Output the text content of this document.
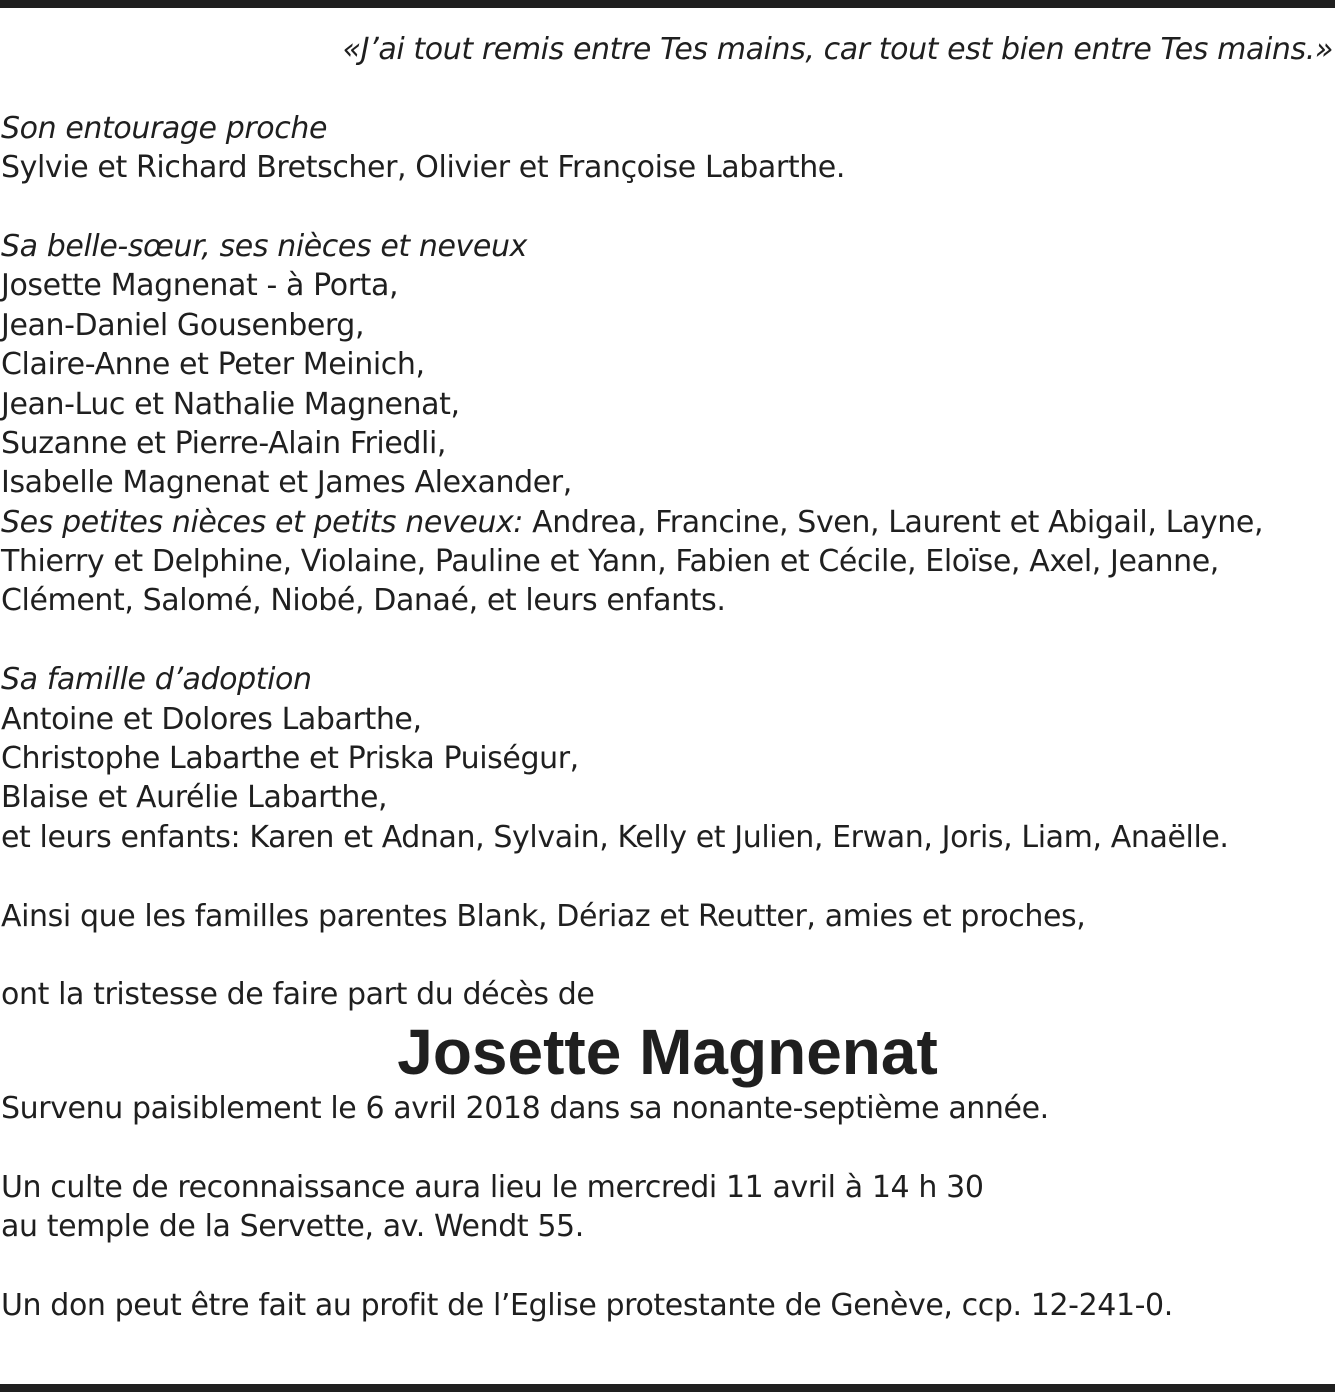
«J’ai tout remis entre Tes mains, car tout est bien entre Tes mains.»
Son entourage proche
Sylvie et Richard Bretscher, Olivier et Françoise Labarthe.
Sa belle-sœur, ses nièces et neveux
Josette Magnenat - à Porta,
Jean-Daniel Gousenberg,
Claire-Anne et Peter Meinich,
Jean-Luc et Nathalie Magnenat,
Suzanne et Pierre-Alain Friedli,
Isabelle Magnenat et James Alexander,
Ses petites nièces et petits neveux: Andrea, Francine, Sven, Laurent et Abigail, Layne,
Thierry et Delphine, Violaine, Pauline et Yann, Fabien et Cécile, Eloïse, Axel, Jeanne,
Clément, Salomé, Niobé, Danaé, et leurs enfants.
Sa famille d’adoption
Antoine et Dolores Labarthe,
Christophe Labarthe et Priska Puiségur,
Blaise et Aurélie Labarthe,
et leurs enfants: Karen et Adnan, Sylvain, Kelly et Julien, Erwan, Joris, Liam, Anaëlle.
Ainsi que les familles parentes Blank, Dériaz et Reutter, amies et proches,
ont la tristesse de faire part du décès de
Josette Magnenat
Survenu paisiblement le 6 avril 2018 dans sa nonante-septième année.
Un culte de reconnaissance aura lieu le mercredi 11 avril à 14 h 30
au temple de la Servette, av. Wendt 55.
Un don peut être fait au profit de l’Eglise protestante de Genève, ccp. 12-241-0.
